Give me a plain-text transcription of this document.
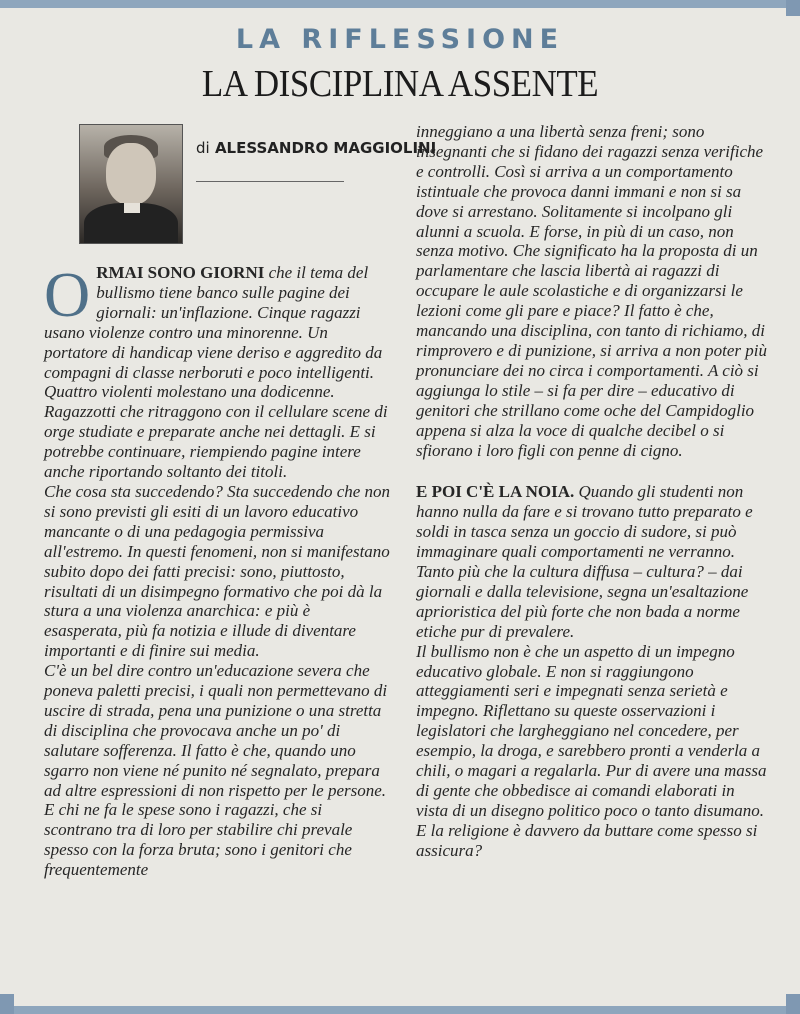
LA RIFLESSIONE
LA DISCIPLINA ASSENTE
di ALESSANDRO MAGGIOLINI

ORMAI SONO GIORNI che il tema del bullismo tiene banco sulle pagine dei giornali: un'inflazione. Cinque ragazzi usano violenze contro una minorenne. Un portatore di handicap viene deriso e aggredito da compagni di classe nerboruti e poco intelligenti. Quattro violenti molestano una dodicenne. Ragazzotti che ritraggono con il cellulare scene di orge studiate e preparate anche nei dettagli. E si potrebbe continuare, riempiendo pagine intere anche riportando soltanto dei titoli.

Che cosa sta succedendo? Sta succedendo che non si sono previsti gli esiti di un lavoro educativo mancante o di una pedagogia permissiva all'estremo. In questi fenomeni, non si manifestano subito dopo dei fatti precisi: sono, piuttosto, risultati di un disimpegno formativo che poi dà la stura a una violenza anarchica: e più è esasperata, più fa notizia e illude di diventare importanti e di finire sui media.

C'è un bel dire contro un'educazione severa che poneva paletti precisi, i quali non permettevano di uscire di strada, pena una punizione o una stretta di disciplina che provocava anche un po' di salutare sofferenza. Il fatto è che, quando uno sgarro non viene né punito né segnalato, prepara ad altre espressioni di non rispetto per le persone. E chi ne fa le spese sono i ragazzi, che si scontrano tra di loro per stabilire chi prevale spesso con la forza bruta; sono i genitori che frequentemente

inneggiano a una libertà senza freni; sono insegnanti che si fidano dei ragazzi senza verifiche e controlli. Così si arriva a un comportamento istintuale che provoca danni immani e non si sa dove si arrestano. Solitamente si incolpano gli alunni a scuola. E forse, in più di un caso, non senza motivo. Che significato ha la proposta di un parlamentare che lascia libertà ai ragazzi di occupare le aule scolastiche e di organizzarsi le lezioni come gli pare e piace? Il fatto è che, mancando una disciplina, con tanto di richiamo, di rimprovero e di punizione, si arriva a non poter più pronunciare dei no circa i comportamenti. A ciò si aggiunga lo stile – si fa per dire – educativo di genitori che strillano come oche del Campidoglio appena si alza la voce di qualche decibel o si sfiorano i loro figli con penne di cigno.

E POI C'È LA NOIA. Quando gli studenti non hanno nulla da fare e si trovano tutto preparato e soldi in tasca senza un goccio di sudore, si può immaginare quali comportamenti ne verranno. Tanto più che la cultura diffusa – cultura? – dai giornali e dalla televisione, segna un'esaltazione aprioristica del più forte che non bada a norme etiche pur di prevalere.

Il bullismo non è che un aspetto di un impegno educativo globale. E non si raggiungono atteggiamenti seri e impegnati senza serietà e impegno. Riflettano su queste osservazioni i legislatori che largheggiano nel concedere, per esempio, la droga, e sarebbero pronti a venderla a chili, o magari a regalarla. Pur di avere una massa di gente che obbedisce ai comandi elaborati in vista di un disegno politico poco o tanto disumano. E la religione è davvero da buttare come spesso si assicura?
